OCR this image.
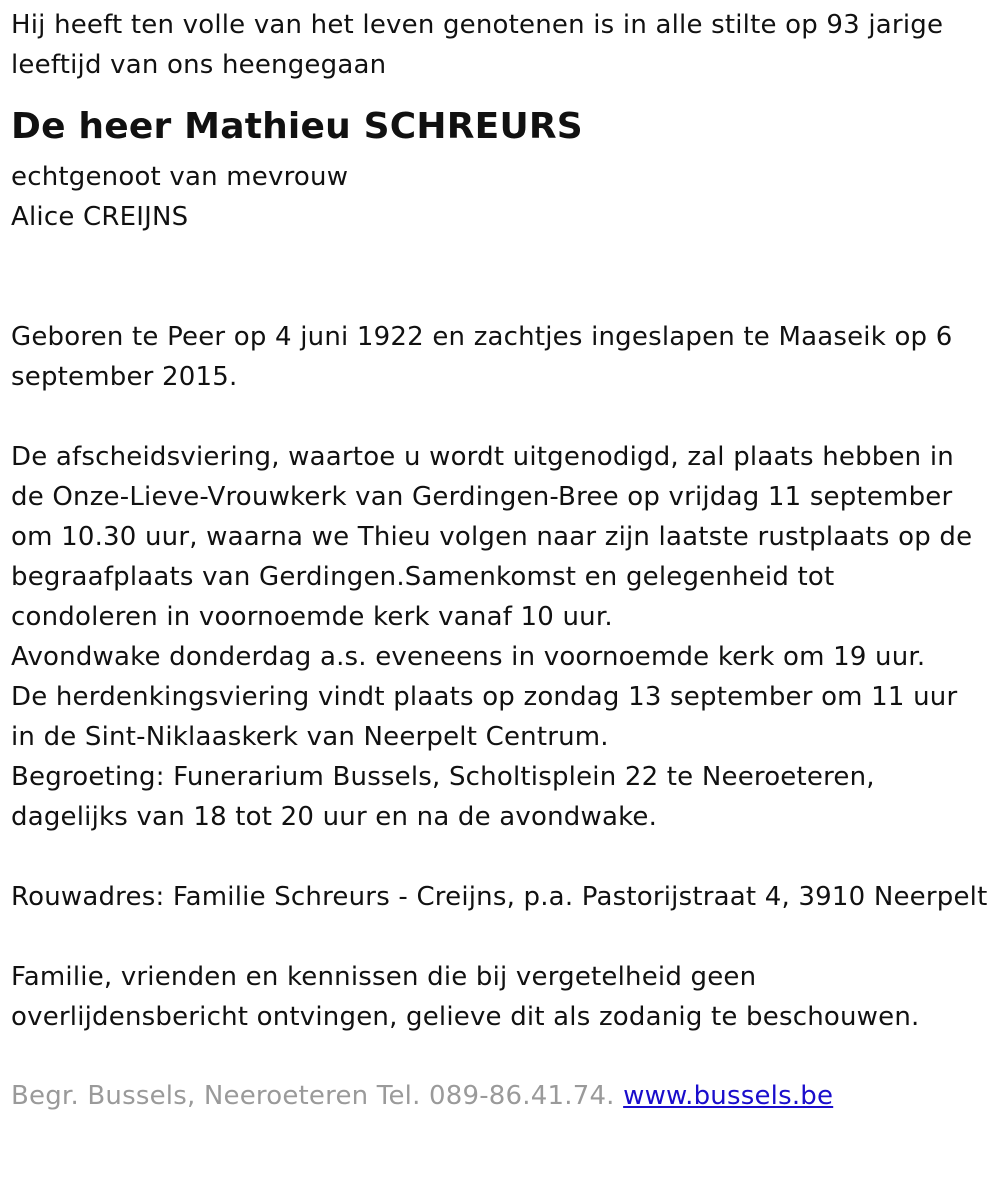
Hij heeft ten volle van het leven genotenen is in alle stilte op 93 jarige leeftijd van ons heengegaan

De heer Mathieu SCHREURS

echtgenoot van mevrouw

Alice CREIJNS

Geboren te Peer op 4 juni 1922 en zachtjes ingeslapen te Maaseik op 6 september 2015.

De afscheidsviering, waartoe u wordt uitgenodigd, zal plaats hebben in de Onze-Lieve-Vrouwkerk van Gerdingen-Bree op vrijdag 11 september om 10.30 uur, waarna we Thieu volgen naar zijn laatste rustplaats op de begraafplaats van Gerdingen.Samenkomst en gelegenheid tot condoleren in voornoemde kerk vanaf 10 uur.

Avondwake donderdag a.s. eveneens in voornoemde kerk om 19 uur.

De herdenkingsviering vindt plaats op zondag 13 september om 11 uur in de Sint-Niklaaskerk van Neerpelt Centrum.

Begroeting: Funerarium Bussels, Scholtisplein 22 te Neeroeteren, dagelijks van 18 tot 20 uur en na de avondwake.

Rouwadres: Familie Schreurs - Creijns, p.a. Pastorijstraat 4, 3910 Neerpelt

Familie, vrienden en kennissen die bij vergetelheid geen overlijdensbericht ontvingen, gelieve dit als zodanig te beschouwen.

Begr. Bussels, Neeroeteren Tel. 089-86.41.74. www.bussels.be
